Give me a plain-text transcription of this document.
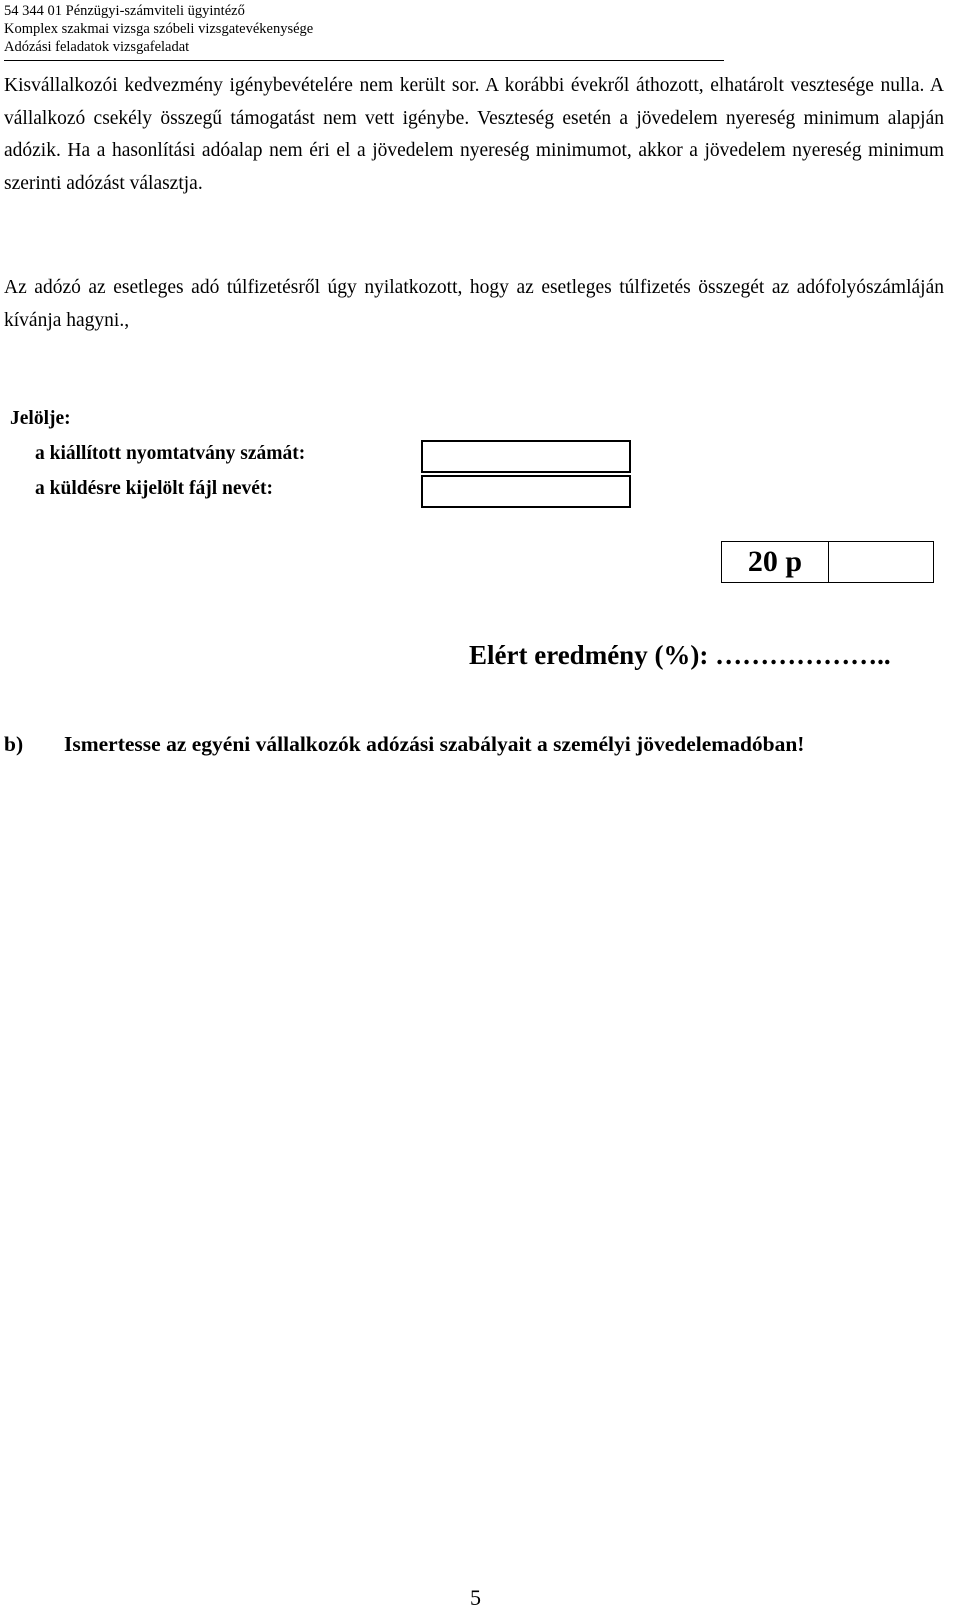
54 344 01 Pénzügyi-számviteli ügyintéző
Komplex szakmai vizsga szóbeli vizsgatevékenysége
Adózási feladatok vizsgafeladat

Kisvállalkozói kedvezmény igénybevételére nem került sor. A korábbi évekről áthozott, elhatárolt vesztesége nulla. A vállalkozó csekély összegű támogatást nem vett igénybe. Veszteség esetén a jövedelem nyereség minimum alapján adózik. Ha a hasonlítási adóalap nem éri el a jövedelem nyereség minimumot, akkor a jövedelem nyereség minimum szerinti adózást választja.

Az adózó az esetleges adó túlfizetésről úgy nyilatkozott, hogy az esetleges túlfizetés összegét az adófolyószámláján kívánja hagyni.,

Jelölje:
a kiállított nyomtatvány számát:
a küldésre kijelölt fájl nevét:
20 p
Elért eredmény (%): ………………..
b) Ismertesse az egyéni vállalkozók adózási szabályait a személyi jövedelemadóban!
5
